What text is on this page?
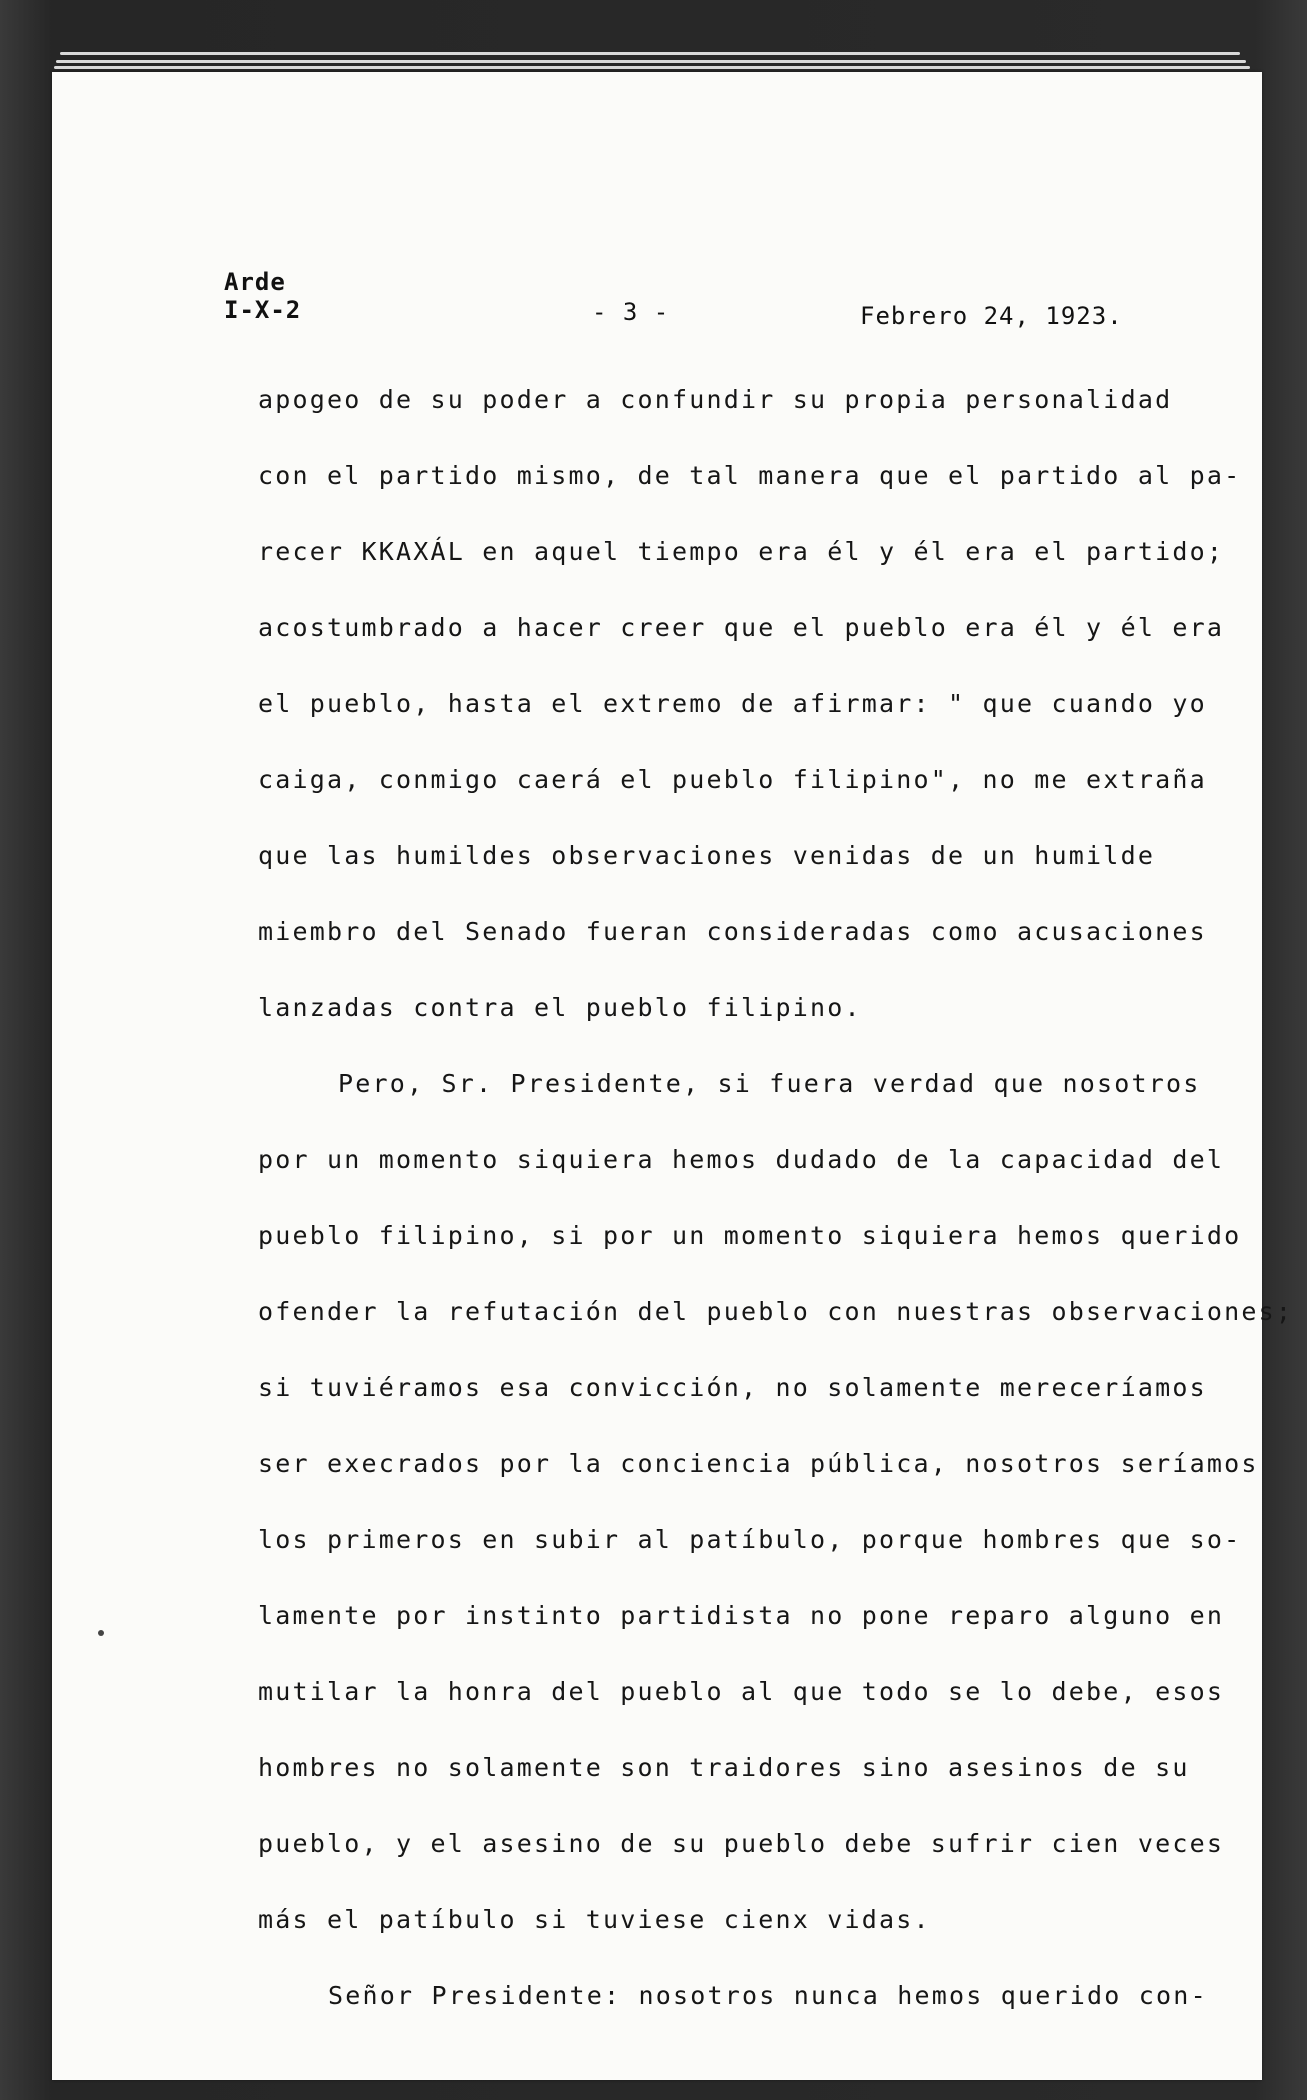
Arde
I-X-2	- 3 -	Febrero 24, 1923.
apogeo de su poder a confundir su propia personalidad
con el partido mismo, de tal manera que el partido al pa-
recer KKAXÁL en aquel tiempo era él y él era el partido;
acostumbrado a hacer creer que el pueblo era él y él era
el pueblo, hasta el extremo de afirmar: " que cuando yo
caiga, conmigo caerá el pueblo filipino", no me extraña
que las humildes observaciones venidas de un humilde
miembro del Senado fueran consideradas como acusaciones
lanzadas contra el pueblo filipino.
Pero, Sr. Presidente, si fuera verdad que nosotros
por un momento siquiera hemos dudado de la capacidad del
pueblo filipino, si por un momento siquiera hemos querido
ofender la refutación del pueblo con nuestras observaciones;
si tuviéramos esa convicción, no solamente mereceríamos
ser execrados por la conciencia pública, nosotros seríamos
los primeros en subir al patíbulo, porque hombres que so-
lamente por instinto partidista no pone reparo alguno en
mutilar la honra del pueblo al que todo se lo debe, esos
hombres no solamente son traidores sino asesinos de su
pueblo, y el asesino de su pueblo debe sufrir cien veces
más el patíbulo si tuviese cienx vidas.
Señor Presidente: nosotros nunca hemos querido con-
